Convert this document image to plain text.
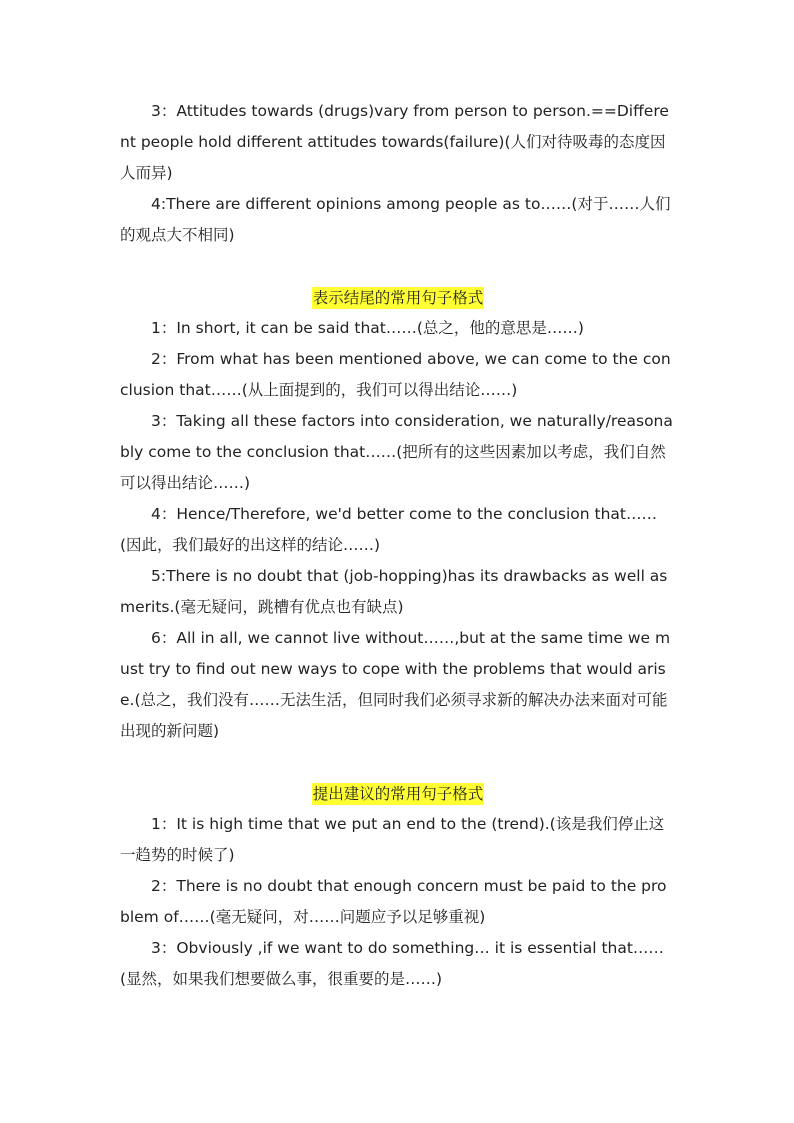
3：Attitudes towards (drugs)vary from person to person.==Different people hold different attitudes towards(failure)(人们对待吸毒的态度因人而异)

4:There are different opinions among people as to……(对于……人们的观点大不相同)

表示结尾的常用句子格式

1：In short, it can be said that……(总之，他的意思是……)

2：From what has been mentioned above, we can come to the conclusion that……(从上面提到的，我们可以得出结论……)

3：Taking all these factors into consideration, we naturally/reasonably come to the conclusion that……(把所有的这些因素加以考虑，我们自然可以得出结论……)

4：Hence/Therefore, we'd better come to the conclusion that……(因此，我们最好的出这样的结论……)

5:There is no doubt that (job-hopping)has its drawbacks as well as merits.(毫无疑问，跳槽有优点也有缺点)

6：All in all, we cannot live without……,but at the same time we must try to find out new ways to cope with the problems that would arise.(总之，我们没有……无法生活，但同时我们必须寻求新的解决办法来面对可能出现的新问题)

提出建议的常用句子格式

1：It is high time that we put an end to the (trend).(该是我们停止这一趋势的时候了)

2：There is no doubt that enough concern must be paid to the problem of……(毫无疑问，对……问题应予以足够重视)

3：Obviously ,if we want to do something… it is essential that……(显然，如果我们想要做么事，很重要的是……)
